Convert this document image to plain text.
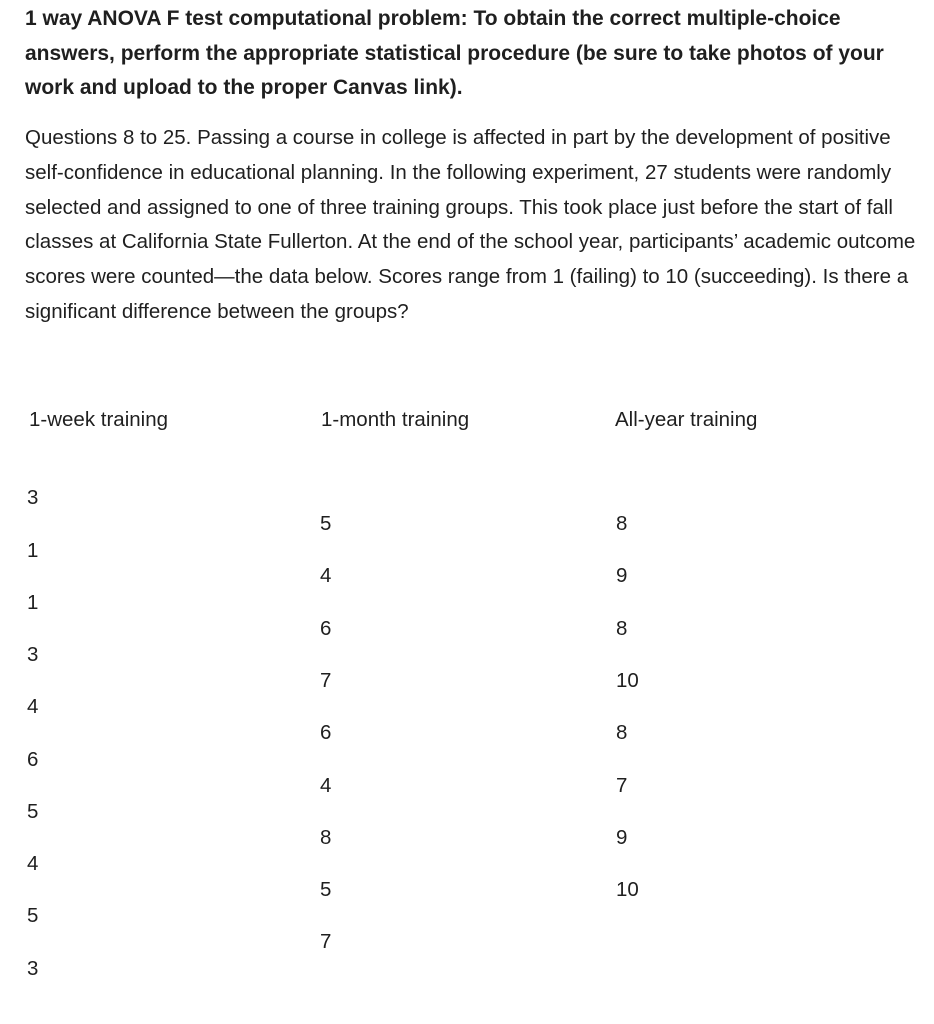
1 way ANOVA F test computational problem: To obtain the correct multiple-choice answers, perform the appropriate statistical procedure (be sure to take photos of your work and upload to the proper Canvas link).

Questions 8 to 25. Passing a course in college is affected in part by the development of positive self-confidence in educational planning. In the following experiment, 27 students were randomly selected and assigned to one of three training groups. This took place just before the start of fall classes at California State Fullerton. At the end of the school year, participants’ academic outcome scores were counted—the data below. Scores range from 1 (failing) to 10 (succeeding). Is there a significant difference between the groups?

1-week training	1-month training	All-year training
3
1
1
3
4
6
5
4
5
3
5
4
6
7
6
4
8
5
7
8
9
8
10
8
7
9
10
